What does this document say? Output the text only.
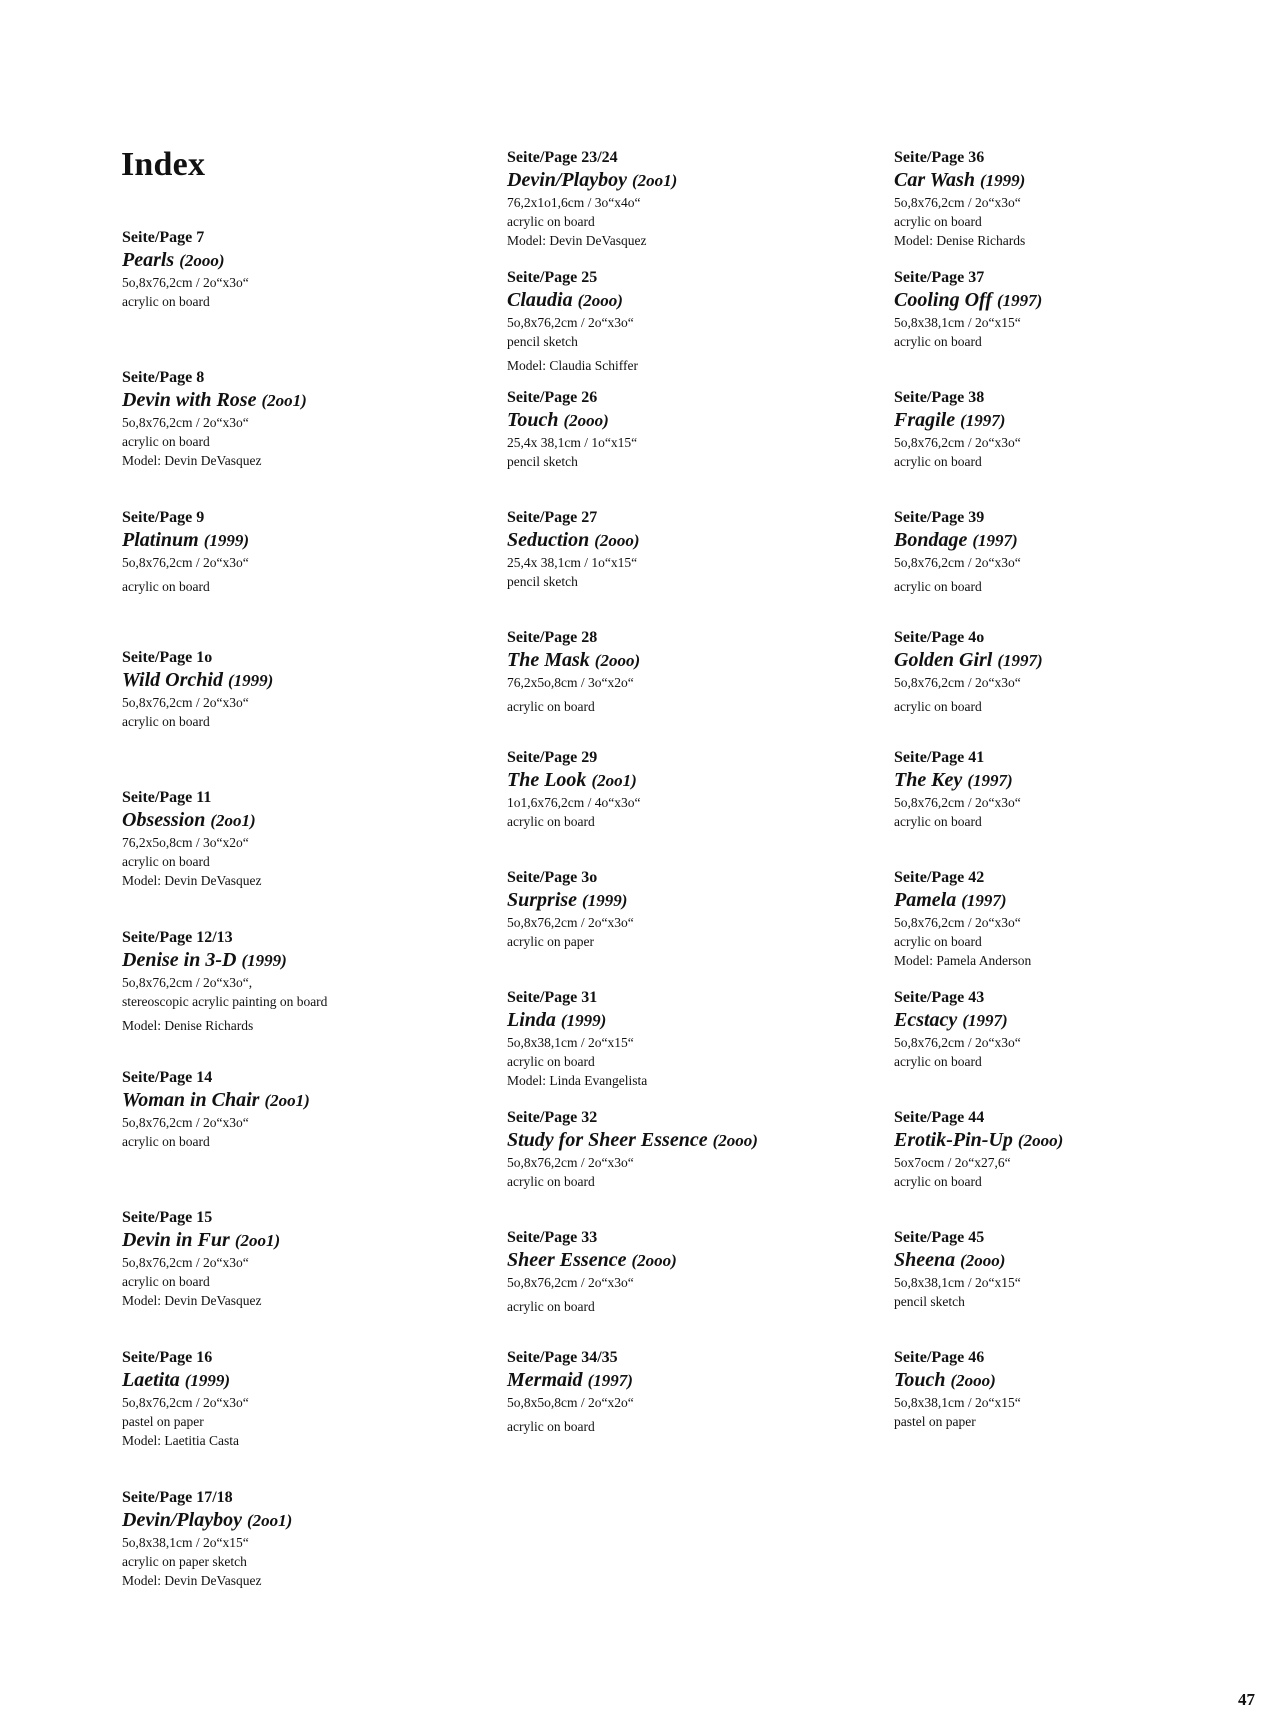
Index
Seite/Page 7
Pearls (2ooo)
5o,8x76,2cm / 2o“x3o“
acrylic on board
Seite/Page 8
Devin with Rose (2oo1)
5o,8x76,2cm / 2o“x3o“
acrylic on board
Model: Devin DeVasquez
Seite/Page 9
Platinum (1999)
5o,8x76,2cm / 2o“x3o“
acrylic on board
Seite/Page 1o
Wild Orchid (1999)
5o,8x76,2cm / 2o“x3o“
acrylic on board
Seite/Page 11
Obsession (2oo1)
76,2x5o,8cm / 3o“x2o“
acrylic on board
Model: Devin DeVasquez
Seite/Page 12/13
Denise in 3-D (1999)
5o,8x76,2cm / 2o“x3o“,
stereoscopic acrylic painting on board
Model: Denise Richards
Seite/Page 14
Woman in Chair (2oo1)
5o,8x76,2cm / 2o“x3o“
acrylic on board
Seite/Page 15
Devin in Fur (2oo1)
5o,8x76,2cm / 2o“x3o“
acrylic on board
Model: Devin DeVasquez
Seite/Page 16
Laetita (1999)
5o,8x76,2cm / 2o“x3o“
pastel on paper
Model: Laetitia Casta
Seite/Page 17/18
Devin/Playboy (2oo1)
5o,8x38,1cm / 2o“x15“
acrylic on paper sketch
Model: Devin DeVasquez
Seite/Page 23/24
Devin/Playboy (2oo1)
76,2x1o1,6cm / 3o“x4o“
acrylic on board
Model: Devin DeVasquez
Seite/Page 25
Claudia (2ooo)
5o,8x76,2cm / 2o“x3o“
pencil sketch
Model: Claudia Schiffer
Seite/Page 26
Touch (2ooo)
25,4x 38,1cm / 1o“x15“
pencil sketch
Seite/Page 27
Seduction (2ooo)
25,4x 38,1cm / 1o“x15“
pencil sketch
Seite/Page 28
The Mask (2ooo)
76,2x5o,8cm / 3o“x2o“
acrylic on board
Seite/Page 29
The Look (2oo1)
1o1,6x76,2cm / 4o“x3o“
acrylic on board
Seite/Page 3o
Surprise (1999)
5o,8x76,2cm / 2o“x3o“
acrylic on paper
Seite/Page 31
Linda (1999)
5o,8x38,1cm / 2o“x15“
acrylic on board
Model: Linda Evangelista
Seite/Page 32
Study for Sheer Essence (2ooo)
5o,8x76,2cm / 2o“x3o“
acrylic on board
Seite/Page 33
Sheer Essence (2ooo)
5o,8x76,2cm / 2o“x3o“
acrylic on board
Seite/Page 34/35
Mermaid (1997)
5o,8x5o,8cm / 2o“x2o“
acrylic on board
Seite/Page 36
Car Wash (1999)
5o,8x76,2cm / 2o“x3o“
acrylic on board
Model: Denise Richards
Seite/Page 37
Cooling Off (1997)
5o,8x38,1cm / 2o“x15“
acrylic on board
Seite/Page 38
Fragile (1997)
5o,8x76,2cm / 2o“x3o“
acrylic on board
Seite/Page 39
Bondage (1997)
5o,8x76,2cm / 2o“x3o“
acrylic on board
Seite/Page 4o
Golden Girl (1997)
5o,8x76,2cm / 2o“x3o“
acrylic on board
Seite/Page 41
The Key (1997)
5o,8x76,2cm / 2o“x3o“
acrylic on board
Seite/Page 42
Pamela (1997)
5o,8x76,2cm / 2o“x3o“
acrylic on board
Model: Pamela Anderson
Seite/Page 43
Ecstacy (1997)
5o,8x76,2cm / 2o“x3o“
acrylic on board
Seite/Page 44
Erotik-Pin-Up (2ooo)
5ox7ocm / 2o“x27,6“
acrylic on board
Seite/Page 45
Sheena (2ooo)
5o,8x38,1cm / 2o“x15“
pencil sketch
Seite/Page 46
Touch (2ooo)
5o,8x38,1cm / 2o“x15“
pastel on paper
47
